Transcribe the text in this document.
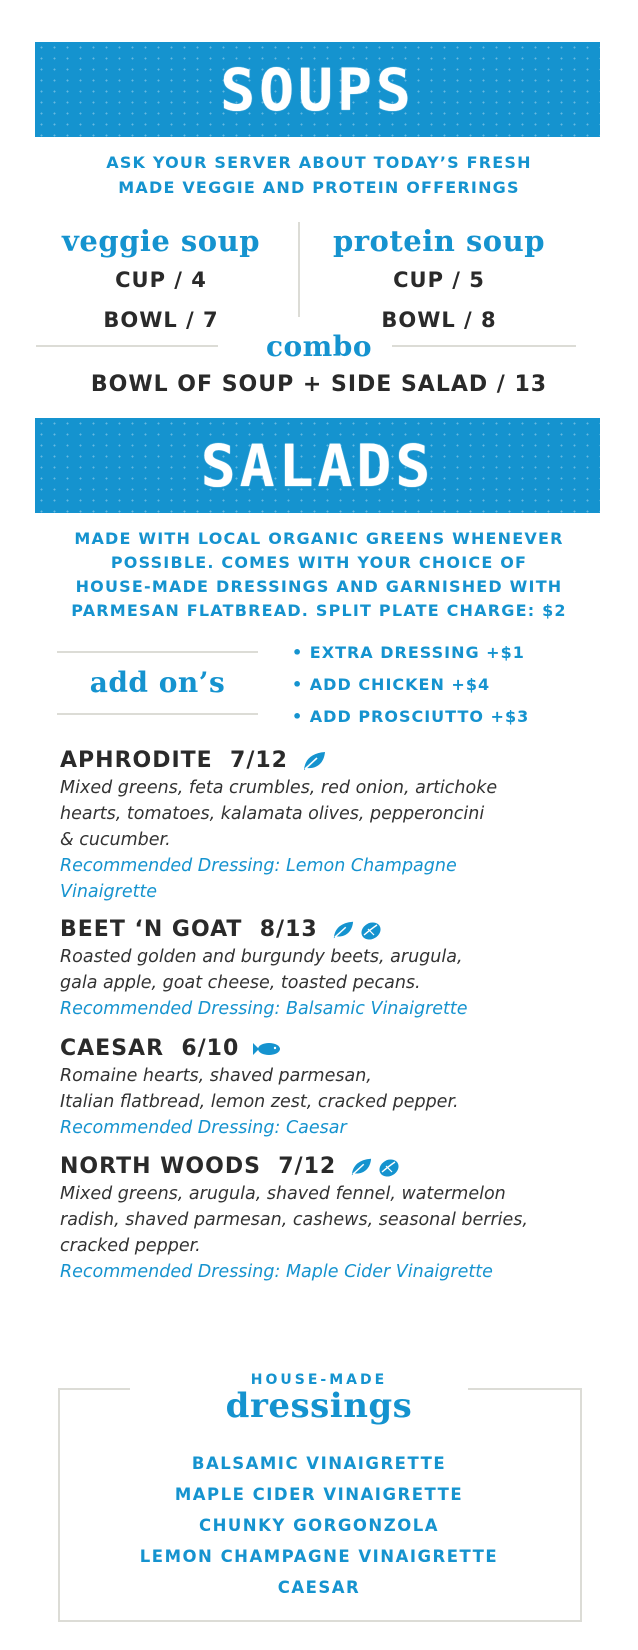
SOUPS
ASK YOUR SERVER ABOUT TODAY’S FRESH
MADE VEGGIE AND PROTEIN OFFERINGS
veggie soup
CUP / 4
BOWL / 7
protein soup
CUP / 5
BOWL / 8
combo
BOWL OF SOUP + SIDE SALAD / 13
SALADS
MADE WITH LOCAL ORGANIC GREENS WHENEVER
POSSIBLE. COMES WITH YOUR CHOICE OF
HOUSE-MADE DRESSINGS AND GARNISHED WITH
PARMESAN FLATBREAD. SPLIT PLATE CHARGE: $2
add on’s
• EXTRA DRESSING +$1
• ADD CHICKEN +$4
• ADD PROSCIUTTO +$3
APHRODITE  7/12
Mixed greens, feta crumbles, red onion, artichoke
hearts, tomatoes, kalamata olives, pepperoncini
& cucumber.
Recommended Dressing: Lemon Champagne
Vinaigrette
BEET ‘N GOAT  8/13
Roasted golden and burgundy beets, arugula,
gala apple, goat cheese, toasted pecans.
Recommended Dressing: Balsamic Vinaigrette
CAESAR  6/10
Romaine hearts, shaved parmesan,
Italian flatbread, lemon zest, cracked pepper.
Recommended Dressing: Caesar
NORTH WOODS  7/12
Mixed greens, arugula, shaved fennel, watermelon
radish, shaved parmesan, cashews, seasonal berries,
cracked pepper.
Recommended Dressing: Maple Cider Vinaigrette
HOUSE-MADE
dressings
BALSAMIC VINAIGRETTE
MAPLE CIDER VINAIGRETTE
CHUNKY GORGONZOLA
LEMON CHAMPAGNE VINAIGRETTE
CAESAR
